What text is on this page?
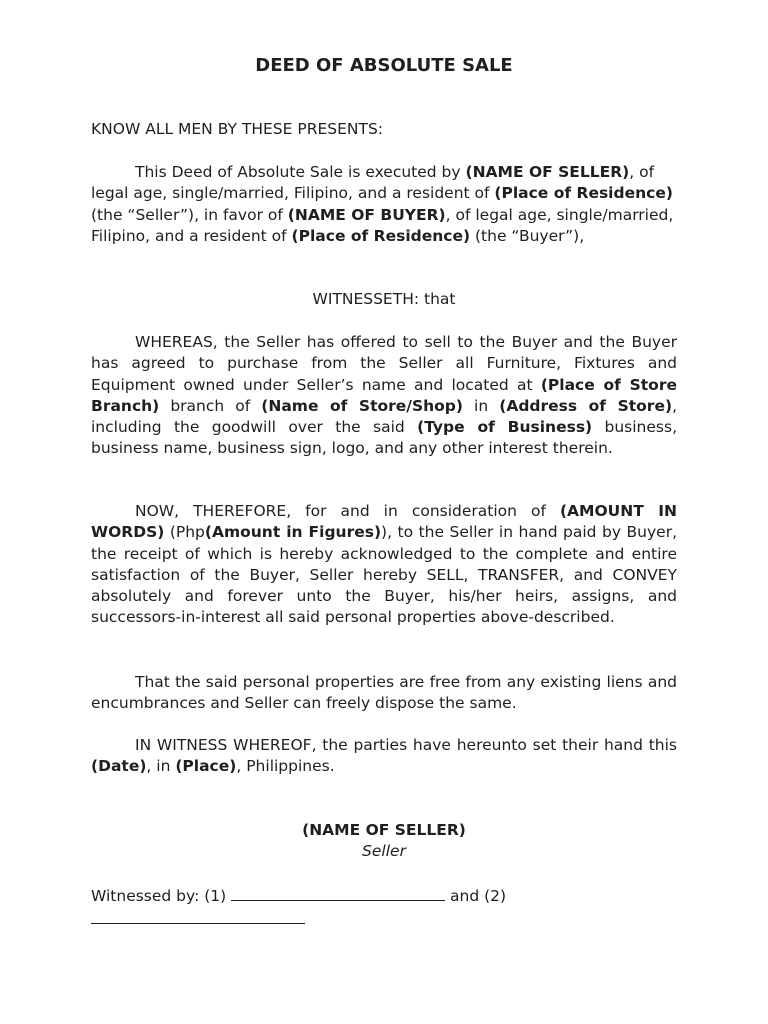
DEED OF ABSOLUTE SALE

KNOW ALL MEN BY THESE PRESENTS:

This Deed of Absolute Sale is executed by (NAME OF SELLER), of legal age, single/married, Filipino, and a resident of (Place of Residence) (the “Seller”), in favor of (NAME OF BUYER), of legal age, single/married, Filipino, and a resident of (Place of Residence) (the “Buyer”),

WITNESSETH: that

WHEREAS, the Seller has offered to sell to the Buyer and the Buyer has agreed to purchase from the Seller all Furniture, Fixtures and Equipment owned under Seller’s name and located at (Place of Store Branch) branch of (Name of Store/Shop) in (Address of Store), including the goodwill over the said (Type of Business) business, business name, business sign, logo, and any other interest therein.

NOW, THEREFORE, for and in consideration of (AMOUNT IN WORDS) (Php(Amount in Figures)), to the Seller in hand paid by Buyer, the receipt of which is hereby acknowledged to the complete and entire satisfaction of the Buyer, Seller hereby SELL, TRANSFER, and CONVEY absolutely and forever unto the Buyer, his/her heirs, assigns, and successors-in-interest all said personal properties above-described.

That the said personal properties are free from any existing liens and encumbrances and Seller can freely dispose the same.

IN WITNESS WHEREOF, the parties have hereunto set their hand this (Date), in (Place), Philippines.

(NAME OF SELLER)
Seller
Witnessed by: (1)	and (2)
